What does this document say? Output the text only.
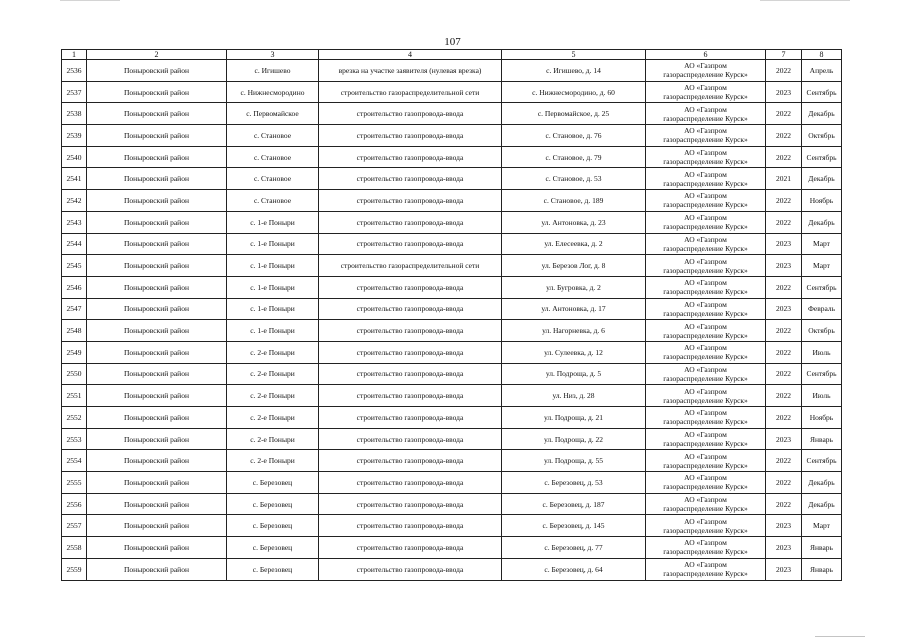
107
1	2	3	4	5	6	7	8
2536	Поныровский район	с. Игишево	врезка на участке заявителя (нулевая врезка)	с. Игишево, д. 14	АО «Газпром
газораспределение Курск»	2022	Апрель
2537	Поныровский район	с. Нижнесмородино	строительство газораспределительной сети	с. Нижнесмородино, д. 60	АО «Газпром
газораспределение Курск»	2023	Сентябрь
2538	Поныровский район	с. Первомайское	строительство газопровода-ввода	с. Первомайское, д. 25	АО «Газпром
газораспределение Курск»	2022	Декабрь
2539	Поныровский район	с. Становое	строительство газопровода-ввода	с. Становое, д. 76	АО «Газпром
газораспределение Курск»	2022	Октябрь
2540	Поныровский район	с. Становое	строительство газопровода-ввода	с. Становое, д. 79	АО «Газпром
газораспределение Курск»	2022	Сентябрь
2541	Поныровский район	с. Становое	строительство газопровода-ввода	с. Становое, д. 53	АО «Газпром
газораспределение Курск»	2021	Декабрь
2542	Поныровский район	с. Становое	строительство газопровода-ввода	с. Становое, д. 189	АО «Газпром
газораспределение Курск»	2022	Ноябрь
2543	Поныровский район	с. 1-е Поныри	строительство газопровода-ввода	ул. Антоновка, д. 23	АО «Газпром
газораспределение Курск»	2022	Декабрь
2544	Поныровский район	с. 1-е Поныри	строительство газопровода-ввода	ул. Елесеевка, д. 2	АО «Газпром
газораспределение Курск»	2023	Март
2545	Поныровский район	с. 1-е Поныри	строительство газораспределительной сети	ул. Березов Лог, д. 8	АО «Газпром
газораспределение Курск»	2023	Март
2546	Поныровский район	с. 1-е Поныри	строительство газопровода-ввода	ул. Бугровка, д. 2	АО «Газпром
газораспределение Курск»	2022	Сентябрь
2547	Поныровский район	с. 1-е Поныри	строительство газопровода-ввода	ул. Антоновка, д. 17	АО «Газпром
газораспределение Курск»	2023	Февраль
2548	Поныровский район	с. 1-е Поныри	строительство газопровода-ввода	ул. Нагорневка, д. 6	АО «Газпром
газораспределение Курск»	2022	Октябрь
2549	Поныровский район	с. 2-е Поныри	строительство газопровода-ввода	ул. Сулеевка, д. 12	АО «Газпром
газораспределение Курск»	2022	Июль
2550	Поныровский район	с. 2-е Поныри	строительство газопровода-ввода	ул. Подроща, д. 5	АО «Газпром
газораспределение Курск»	2022	Сентябрь
2551	Поныровский район	с. 2-е Поныри	строительство газопровода-ввода	ул. Низ, д. 28	АО «Газпром
газораспределение Курск»	2022	Июль
2552	Поныровский район	с. 2-е Поныри	строительство газопровода-ввода	ул. Подроща, д. 21	АО «Газпром
газораспределение Курск»	2022	Ноябрь
2553	Поныровский район	с. 2-е Поныри	строительство газопровода-ввода	ул. Подроща, д. 22	АО «Газпром
газораспределение Курск»	2023	Январь
2554	Поныровский район	с. 2-е Поныри	строительство газопровода-ввода	ул. Подроща, д. 55	АО «Газпром
газораспределение Курск»	2022	Сентябрь
2555	Поныровский район	с. Березовец	строительство газопровода-ввода	с. Березовец, д. 53	АО «Газпром
газораспределение Курск»	2022	Декабрь
2556	Поныровский район	с. Березовец	строительство газопровода-ввода	с. Березовец, д. 187	АО «Газпром
газораспределение Курск»	2022	Декабрь
2557	Поныровский район	с. Березовец	строительство газопровода-ввода	с. Березовец, д. 145	АО «Газпром
газораспределение Курск»	2023	Март
2558	Поныровский район	с. Березовец	строительство газопровода-ввода	с. Березовец, д. 77	АО «Газпром
газораспределение Курск»	2023	Январь
2559	Поныровский район	с. Березовец	строительство газопровода-ввода	с. Березовец, д. 64	АО «Газпром
газораспределение Курск»	2023	Январь
